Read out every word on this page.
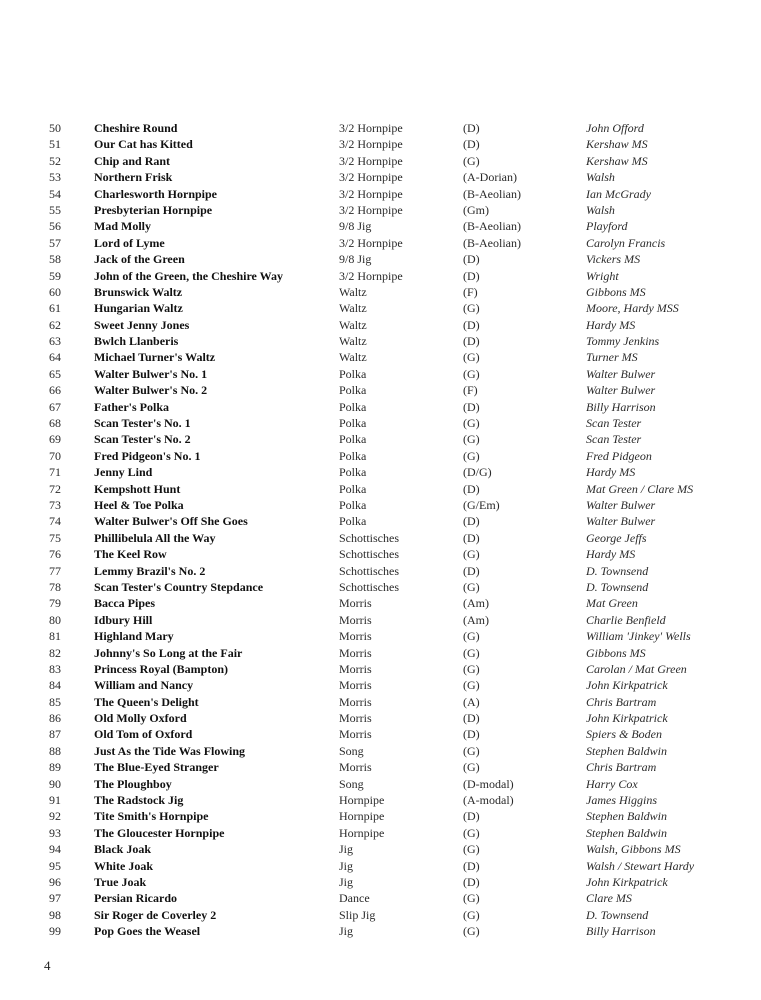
50	Cheshire Round	3/2 Hornpipe	(D)	John Offord
51	Our Cat has Kitted	3/2 Hornpipe	(D)	Kershaw MS
52	Chip and Rant	3/2 Hornpipe	(G)	Kershaw MS
53	Northern Frisk	3/2 Hornpipe	(A-Dorian)	Walsh
54	Charlesworth Hornpipe	3/2 Hornpipe	(B-Aeolian)	Ian McGrady
55	Presbyterian Hornpipe	3/2 Hornpipe	(Gm)	Walsh
56	Mad Molly	9/8 Jig	(B-Aeolian)	Playford
57	Lord of Lyme	3/2 Hornpipe	(B-Aeolian)	Carolyn Francis
58	Jack of the Green	9/8 Jig	(D)	Vickers MS
59	John of the Green, the Cheshire Way	3/2 Hornpipe	(D)	Wright
60	Brunswick Waltz	Waltz	(F)	Gibbons MS
61	Hungarian Waltz	Waltz	(G)	Moore, Hardy MSS
62	Sweet Jenny Jones	Waltz	(D)	Hardy MS
63	Bwlch Llanberis	Waltz	(D)	Tommy Jenkins
64	Michael Turner's Waltz	Waltz	(G)	Turner MS
65	Walter Bulwer's No. 1	Polka	(G)	Walter Bulwer
66	Walter Bulwer's No. 2	Polka	(F)	Walter Bulwer
67	Father's Polka	Polka	(D)	Billy Harrison
68	Scan Tester's No. 1	Polka	(G)	Scan Tester
69	Scan Tester's No. 2	Polka	(G)	Scan Tester
70	Fred Pidgeon's No. 1	Polka	(G)	Fred Pidgeon
71	Jenny Lind	Polka	(D/G)	Hardy MS
72	Kempshott Hunt	Polka	(D)	Mat Green / Clare MS
73	Heel & Toe Polka	Polka	(G/Em)	Walter Bulwer
74	Walter Bulwer's Off She Goes	Polka	(D)	Walter Bulwer
75	Phillibelula All the Way	Schottisches	(D)	George Jeffs
76	The Keel Row	Schottisches	(G)	Hardy MS
77	Lemmy Brazil's No. 2	Schottisches	(D)	D. Townsend
78	Scan Tester's Country Stepdance	Schottisches	(G)	D. Townsend
79	Bacca Pipes	Morris	(Am)	Mat Green
80	Idbury Hill	Morris	(Am)	Charlie Benfield
81	Highland Mary	Morris	(G)	William 'Jinkey' Wells
82	Johnny's So Long at the Fair	Morris	(G)	Gibbons MS
83	Princess Royal (Bampton)	Morris	(G)	Carolan / Mat Green
84	William and Nancy	Morris	(G)	John Kirkpatrick
85	The Queen's Delight	Morris	(A)	Chris Bartram
86	Old Molly Oxford	Morris	(D)	John Kirkpatrick
87	Old Tom of Oxford	Morris	(D)	Spiers & Boden
88	Just As the Tide Was Flowing	Song	(G)	Stephen Baldwin
89	The Blue-Eyed Stranger	Morris	(G)	Chris Bartram
90	The Ploughboy	Song	(D-modal)	Harry Cox
91	The Radstock Jig	Hornpipe	(A-modal)	James Higgins
92	Tite Smith's Hornpipe	Hornpipe	(D)	Stephen Baldwin
93	The Gloucester Hornpipe	Hornpipe	(G)	Stephen Baldwin
94	Black Joak	Jig	(G)	Walsh, Gibbons MS
95	White Joak	Jig	(D)	Walsh / Stewart Hardy
96	True Joak	Jig	(D)	John Kirkpatrick
97	Persian Ricardo	Dance	(G)	Clare MS
98	Sir Roger de Coverley 2	Slip Jig	(G)	D. Townsend
99	Pop Goes the Weasel	Jig	(G)	Billy Harrison
4
